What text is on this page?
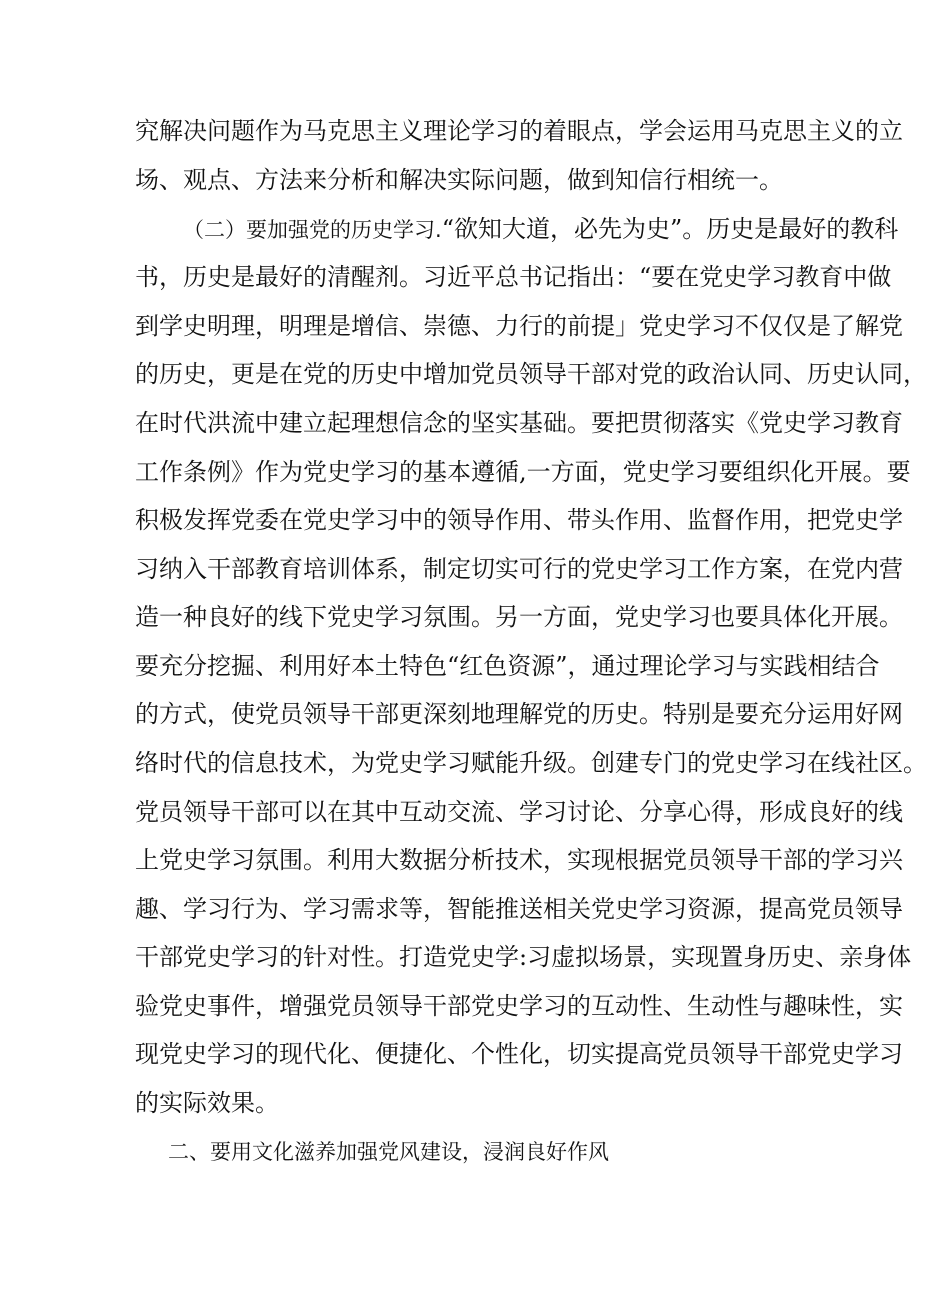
究解决问题作为马克思主义理论学习的着眼点，学会运用马克思主义的立
场、观点、方法来分析和解决实际问题，做到知信行相统一。
（二）要加强党的历史学习.“欲知大道，必先为史”。历史是最好的教科
书，历史是最好的清醒剂。习近平总书记指出：“要在党史学习教育中做
到学史明理，明理是增信、崇德、力行的前提」党史学习不仅仅是了解党
的历史，更是在党的历史中增加党员领导干部对党的政治认同、历史认同，
在时代洪流中建立起理想信念的坚实基础。要把贯彻落实《党史学习教育
工作条例》作为党史学习的基本遵循,一方面，党史学习要组织化开展。要
积极发挥党委在党史学习中的领导作用、带头作用、监督作用，把党史学
习纳入干部教育培训体系，制定切实可行的党史学习工作方案，在党内营
造一种良好的线下党史学习氛围。另一方面，党史学习也要具体化开展。
要充分挖掘、利用好本土特色“红色资源”，通过理论学习与实践相结合
的方式，使党员领导干部更深刻地理解党的历史。特别是要充分运用好网
络时代的信息技术，为党史学习赋能升级。创建专门的党史学习在线社区。
党员领导干部可以在其中互动交流、学习讨论、分享心得，形成良好的线
上党史学习氛围。利用大数据分析技术，实现根据党员领导干部的学习兴
趣、学习行为、学习需求等，智能推送相关党史学习资源，提高党员领导
干部党史学习的针对性。打造党史学:习虚拟场景，实现置身历史、亲身体
验党史事件，增强党员领导干部党史学习的互动性、生动性与趣味性，实
现党史学习的现代化、便捷化、个性化，切实提高党员领导干部党史学习
的实际效果。
二、要用文化滋养加强党风建设，浸润良好作风
